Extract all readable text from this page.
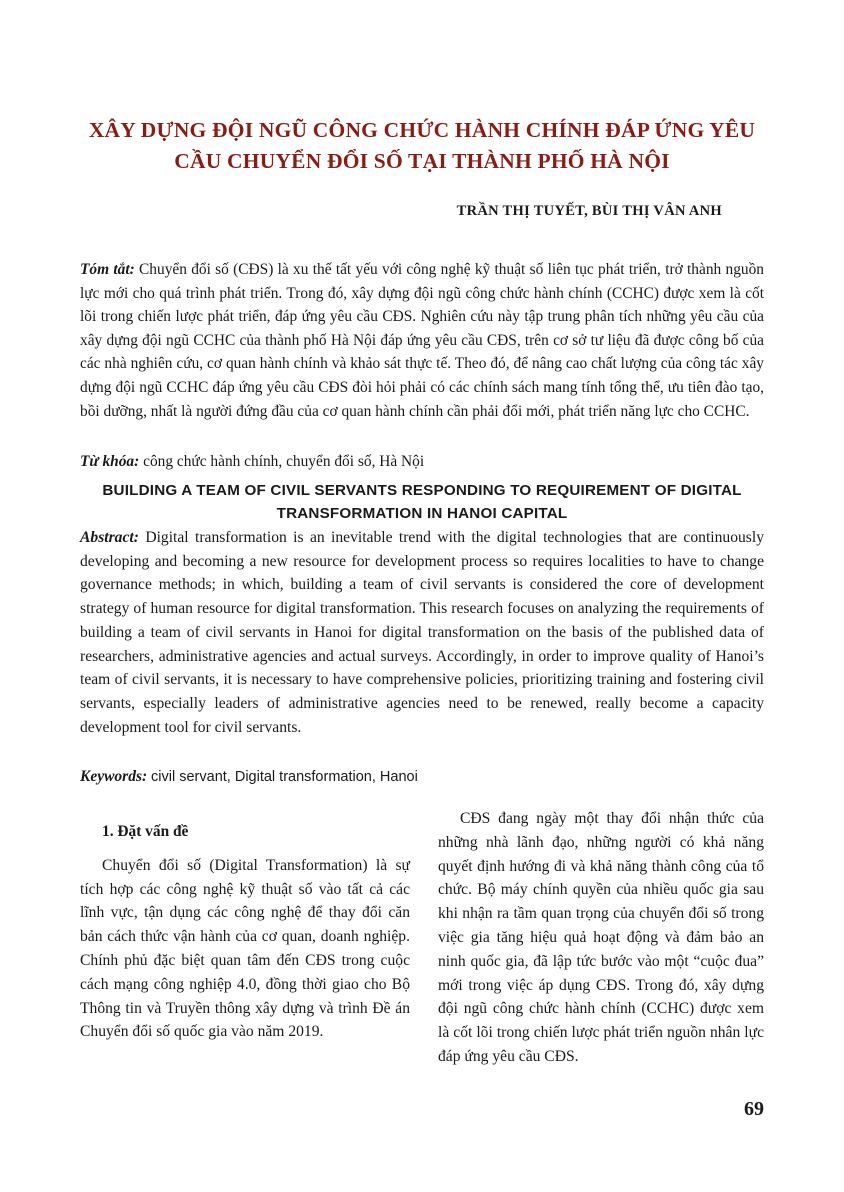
XÂY DỰNG ĐỘI NGŨ CÔNG CHỨC HÀNH CHÍNH ĐÁP ỨNG YÊU CẦU CHUYỂN ĐỔI SỐ TẠI THÀNH PHỐ HÀ NỘI
TRẦN THỊ TUYẾT, BÙI THỊ VÂN ANH
Tóm tắt: Chuyển đổi số (CĐS) là xu thế tất yếu với công nghệ kỹ thuật số liên tục phát triển, trở thành nguồn lực mới cho quá trình phát triển. Trong đó, xây dựng đội ngũ công chức hành chính (CCHC) được xem là cốt lõi trong chiến lược phát triển, đáp ứng yêu cầu CĐS. Nghiên cứu này tập trung phân tích những yêu cầu của xây dựng đội ngũ CCHC của thành phố Hà Nội đáp ứng yêu cầu CĐS, trên cơ sở tư liệu đã được công bố của các nhà nghiên cứu, cơ quan hành chính và khảo sát thực tế. Theo đó, để nâng cao chất lượng của công tác xây dựng đội ngũ CCHC đáp ứng yêu cầu CĐS đòi hỏi phải có các chính sách mang tính tổng thể, ưu tiên đào tạo, bồi dưỡng, nhất là người đứng đầu của cơ quan hành chính cần phải đổi mới, phát triển năng lực cho CCHC.
Từ khóa: công chức hành chính, chuyển đổi số, Hà Nội
BUILDING A TEAM OF CIVIL SERVANTS RESPONDING TO REQUIREMENT OF DIGITAL TRANSFORMATION IN HANOI CAPITAL
Abstract: Digital transformation is an inevitable trend with the digital technologies that are continuously developing and becoming a new resource for development process so requires localities to have to change governance methods; in which, building a team of civil servants is considered the core of development strategy of human resource for digital transformation. This research focuses on analyzing the requirements of building a team of civil servants in Hanoi for digital transformation on the basis of the published data of researchers, administrative agencies and actual surveys. Accordingly, in order to improve quality of Hanoi’s team of civil servants, it is necessary to have comprehensive policies, prioritizing training and fostering civil servants, especially leaders of administrative agencies need to be renewed, really become a capacity development tool for civil servants.
Keywords: civil servant, Digital transformation, Hanoi
1. Đặt vấn đề

Chuyển đổi số (Digital Transformation) là sự tích hợp các công nghệ kỹ thuật số vào tất cả các lĩnh vực, tận dụng các công nghệ để thay đổi căn bản cách thức vận hành của cơ quan, doanh nghiệp. Chính phủ đặc biệt quan tâm đến CĐS trong cuộc cách mạng công nghiệp 4.0, đồng thời giao cho Bộ Thông tin và Truyền thông xây dựng và trình Đề án Chuyển đổi số quốc gia vào năm 2019.

CĐS đang ngày một thay đổi nhận thức của những nhà lãnh đạo, những người có khả năng quyết định hướng đi và khả năng thành công của tổ chức. Bộ máy chính quyền của nhiều quốc gia sau khi nhận ra tầm quan trọng của chuyển đổi số trong việc gia tăng hiệu quả hoạt động và đảm bảo an ninh quốc gia, đã lập tức bước vào một “cuộc đua” mới trong việc áp dụng CĐS. Trong đó, xây dựng đội ngũ công chức hành chính (CCHC) được xem là cốt lõi trong chiến lược phát triển nguồn nhân lực đáp ứng yêu cầu CĐS.

69
